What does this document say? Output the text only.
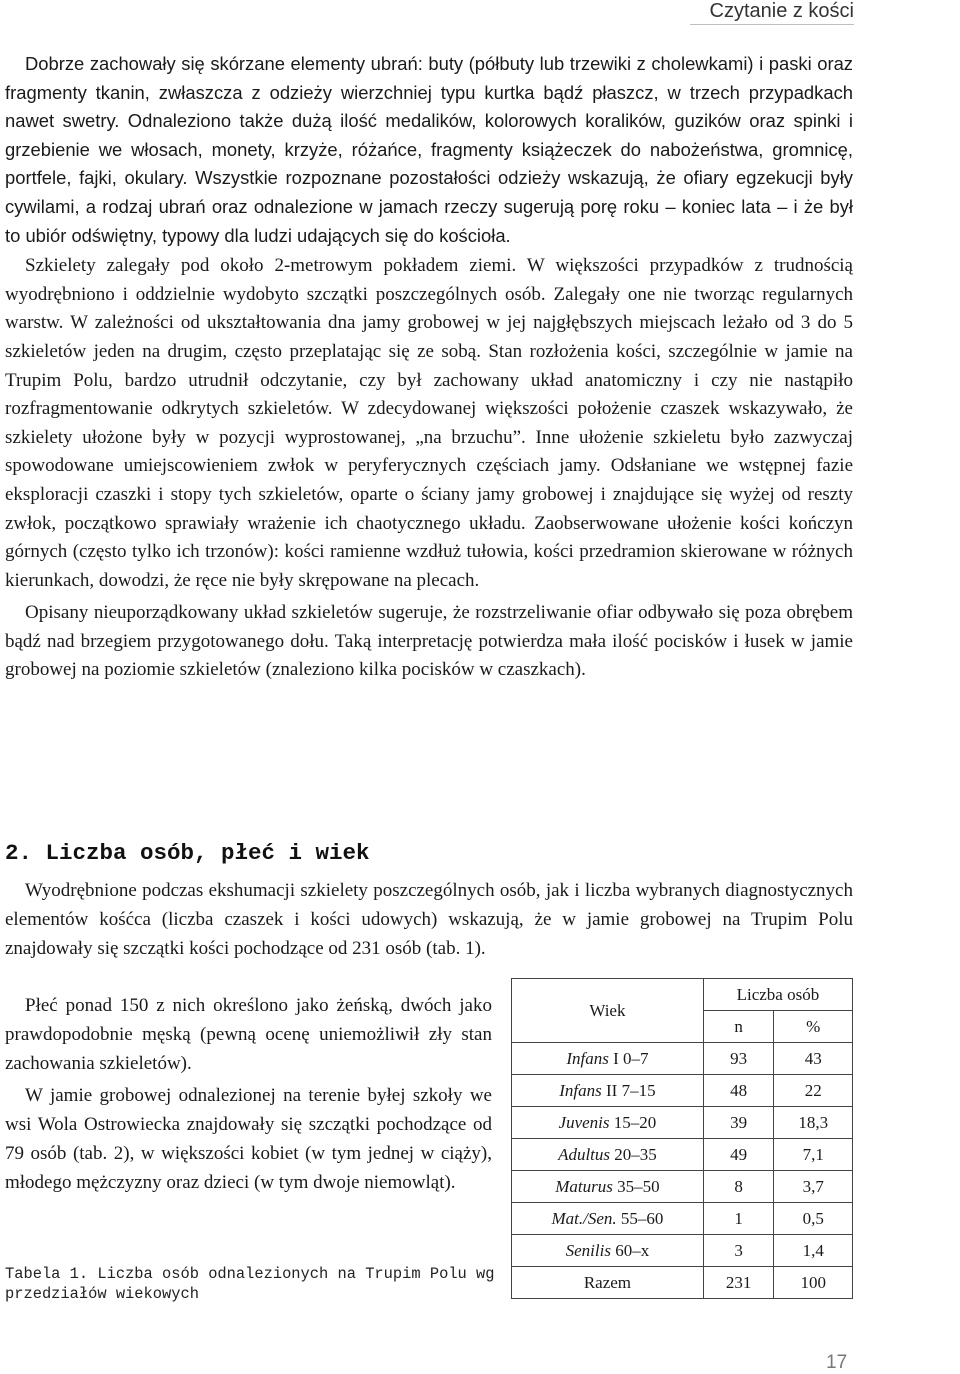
Czytanie z kości

Dobrze zachowały się skórzane elementy ubrań: buty (półbuty lub trzewiki z cholewkami) i paski oraz fragmenty tkanin, zwłaszcza z odzieży wierzchniej typu kurtka bądź płaszcz, w trzech przypadkach nawet swetry. Odnaleziono także dużą ilość medalików, kolorowych koralików, guzików oraz spinki i grzebienie we włosach, monety, krzyże, różańce, fragmenty książeczek do nabożeństwa, gromnicę, portfele, fajki, okulary. Wszystkie rozpoznane pozostałości odzieży wskazują, że ofiary egzekucji były cywilami, a rodzaj ubrań oraz odnalezione w jamach rzeczy sugerują porę roku – koniec lata – i że był to ubiór odświętny, typowy dla ludzi udających się do kościoła.

Szkielety zalegały pod około 2-metrowym pokładem ziemi. W większości przypadków z trudnością wyodrębniono i oddzielnie wydobyto szczątki poszczególnych osób. Zalegały one nie tworząc regularnych warstw. W zależności od ukształtowania dna jamy grobowej w jej najgłębszych miejscach leżało od 3 do 5 szkieletów jeden na drugim, często przeplatając się ze sobą. Stan rozłożenia kości, szczególnie w jamie na Trupim Polu, bardzo utrudnił odczytanie, czy był zachowany układ anatomiczny i czy nie nastąpiło rozfragmentowanie odkrytych szkieletów. W zdecydowanej większości położenie czaszek wskazywało, że szkielety ułożone były w pozycji wyprostowanej, „na brzuchu”. Inne ułożenie szkieletu było zazwyczaj spowodowane umiejscowieniem zwłok w peryferycznych częściach jamy. Odsłaniane we wstępnej fazie eksploracji czaszki i stopy tych szkieletów, oparte o ściany jamy grobowej i znajdujące się wyżej od reszty zwłok, początkowo sprawiały wrażenie ich chaotycznego układu. Zaobserwowane ułożenie kości kończyn górnych (często tylko ich trzonów): kości ramienne wzdłuż tułowia, kości przedramion skierowane w różnych kierunkach, dowodzi, że ręce nie były skrępowane na plecach.

Opisany nieuporządkowany układ szkieletów sugeruje, że rozstrzeliwanie ofiar odbywało się poza obrębem bądź nad brzegiem przygotowanego dołu. Taką interpretację potwierdza mała ilość pocisków i łusek w jamie grobowej na poziomie szkieletów (znaleziono kilka pocisków w czaszkach).

2. Liczba osób, płeć i wiek

Wyodrębnione podczas ekshumacji szkielety poszczególnych osób, jak i liczba wybranych diagnostycznych elementów kośćca (liczba czaszek i kości udowych) wskazują, że w jamie grobowej na Trupim Polu znajdowały się szczątki kości pochodzące od 231 osób (tab. 1).

Płeć ponad 150 z nich określono jako żeńską, dwóch jako prawdopodobnie męską (pewną ocenę uniemożliwił zły stan zachowania szkieletów).

W jamie grobowej odnalezionej na terenie byłej szkoły we wsi Wola Ostrowiecka znajdowały się szczątki pochodzące od 79 osób (tab. 2), w większości kobiet (w tym jednej w ciąży), młodego mężczyzny oraz dzieci (w tym dwoje niemowląt).

Tabela 1. Liczba osób odnalezionych na Trupim Polu wg przedziałów wiekowych
Wiek	Liczba osób	
	n	%
Infans I 0–7	93	43
Infans II 7–15	48	22
Juvenis 15–20	39	18,3
Adultus 20–35	49	7,1
Maturus 35–50	8	3,7
Mat./Sen. 55–60	1	0,5
Senilis 60–x	3	1,4
Razem	231	100
17
